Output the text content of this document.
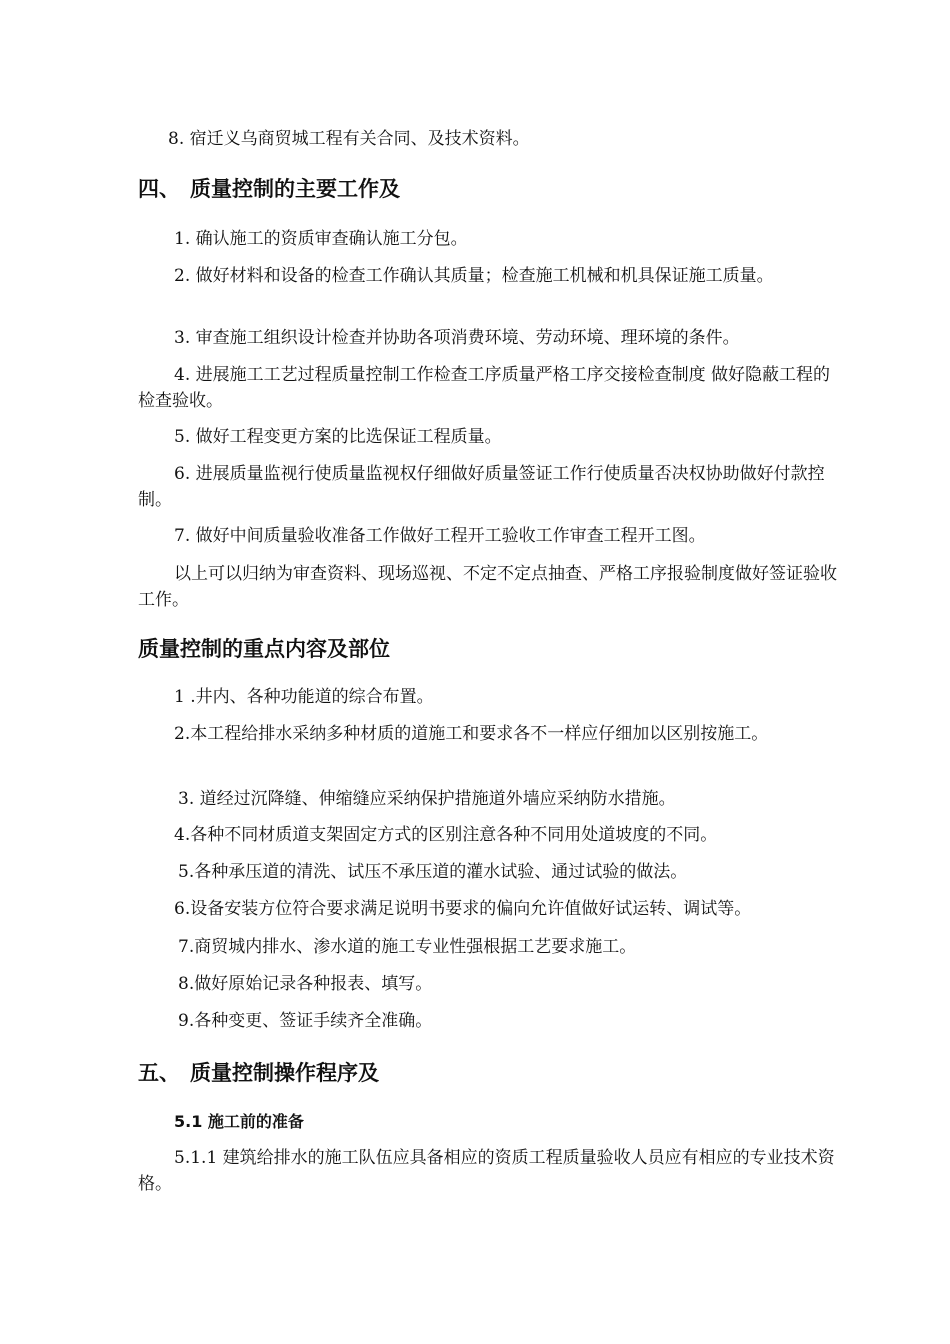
8. 宿迁义乌商贸城工程有关合同、及技术资料。
四、 质量控制的主要工作及
1. 确认施工的资质审查确认施工分包。
2. 做好材料和设备的检查工作确认其质量；检查施工机械和机具保证施工质量。
3. 审查施工组织设计检查并协助各项消费环境、劳动环境、理环境的条件。
4. 进展施工工艺过程质量控制工作检查工序质量严格工序交接检查制度 做好隐蔽工程的检查验收。
5. 做好工程变更方案的比选保证工程质量。
6. 进展质量监视行使质量监视权仔细做好质量签证工作行使质量否决权协助做好付款控制。
7. 做好中间质量验收准备工作做好工程开工验收工作审查工程开工图。
以上可以归纳为审查资料、现场巡视、不定不定点抽查、严格工序报验制度做好签证验收工作。
质量控制的重点内容及部位
1 .井内、各种功能道的综合布置。
2.本工程给排水采纳多种材质的道施工和要求各不一样应仔细加以区别按施工。
3. 道经过沉降缝、伸缩缝应采纳保护措施道外墙应采纳防水措施。
4.各种不同材质道支架固定方式的区别注意各种不同用处道坡度的不同。
5.各种承压道的清洗、试压不承压道的灌水试验、通过试验的做法。
6.设备安装方位符合要求满足说明书要求的偏向允许值做好试运转、调试等。
7.商贸城内排水、渗水道的施工专业性强根据工艺要求施工。
8.做好原始记录各种报表、填写。
9.各种变更、签证手续齐全准确。
五、 质量控制操作程序及
5.1 施工前的准备
5.1.1 建筑给排水的施工队伍应具备相应的资质工程质量验收人员应有相应的专业技术资格。
